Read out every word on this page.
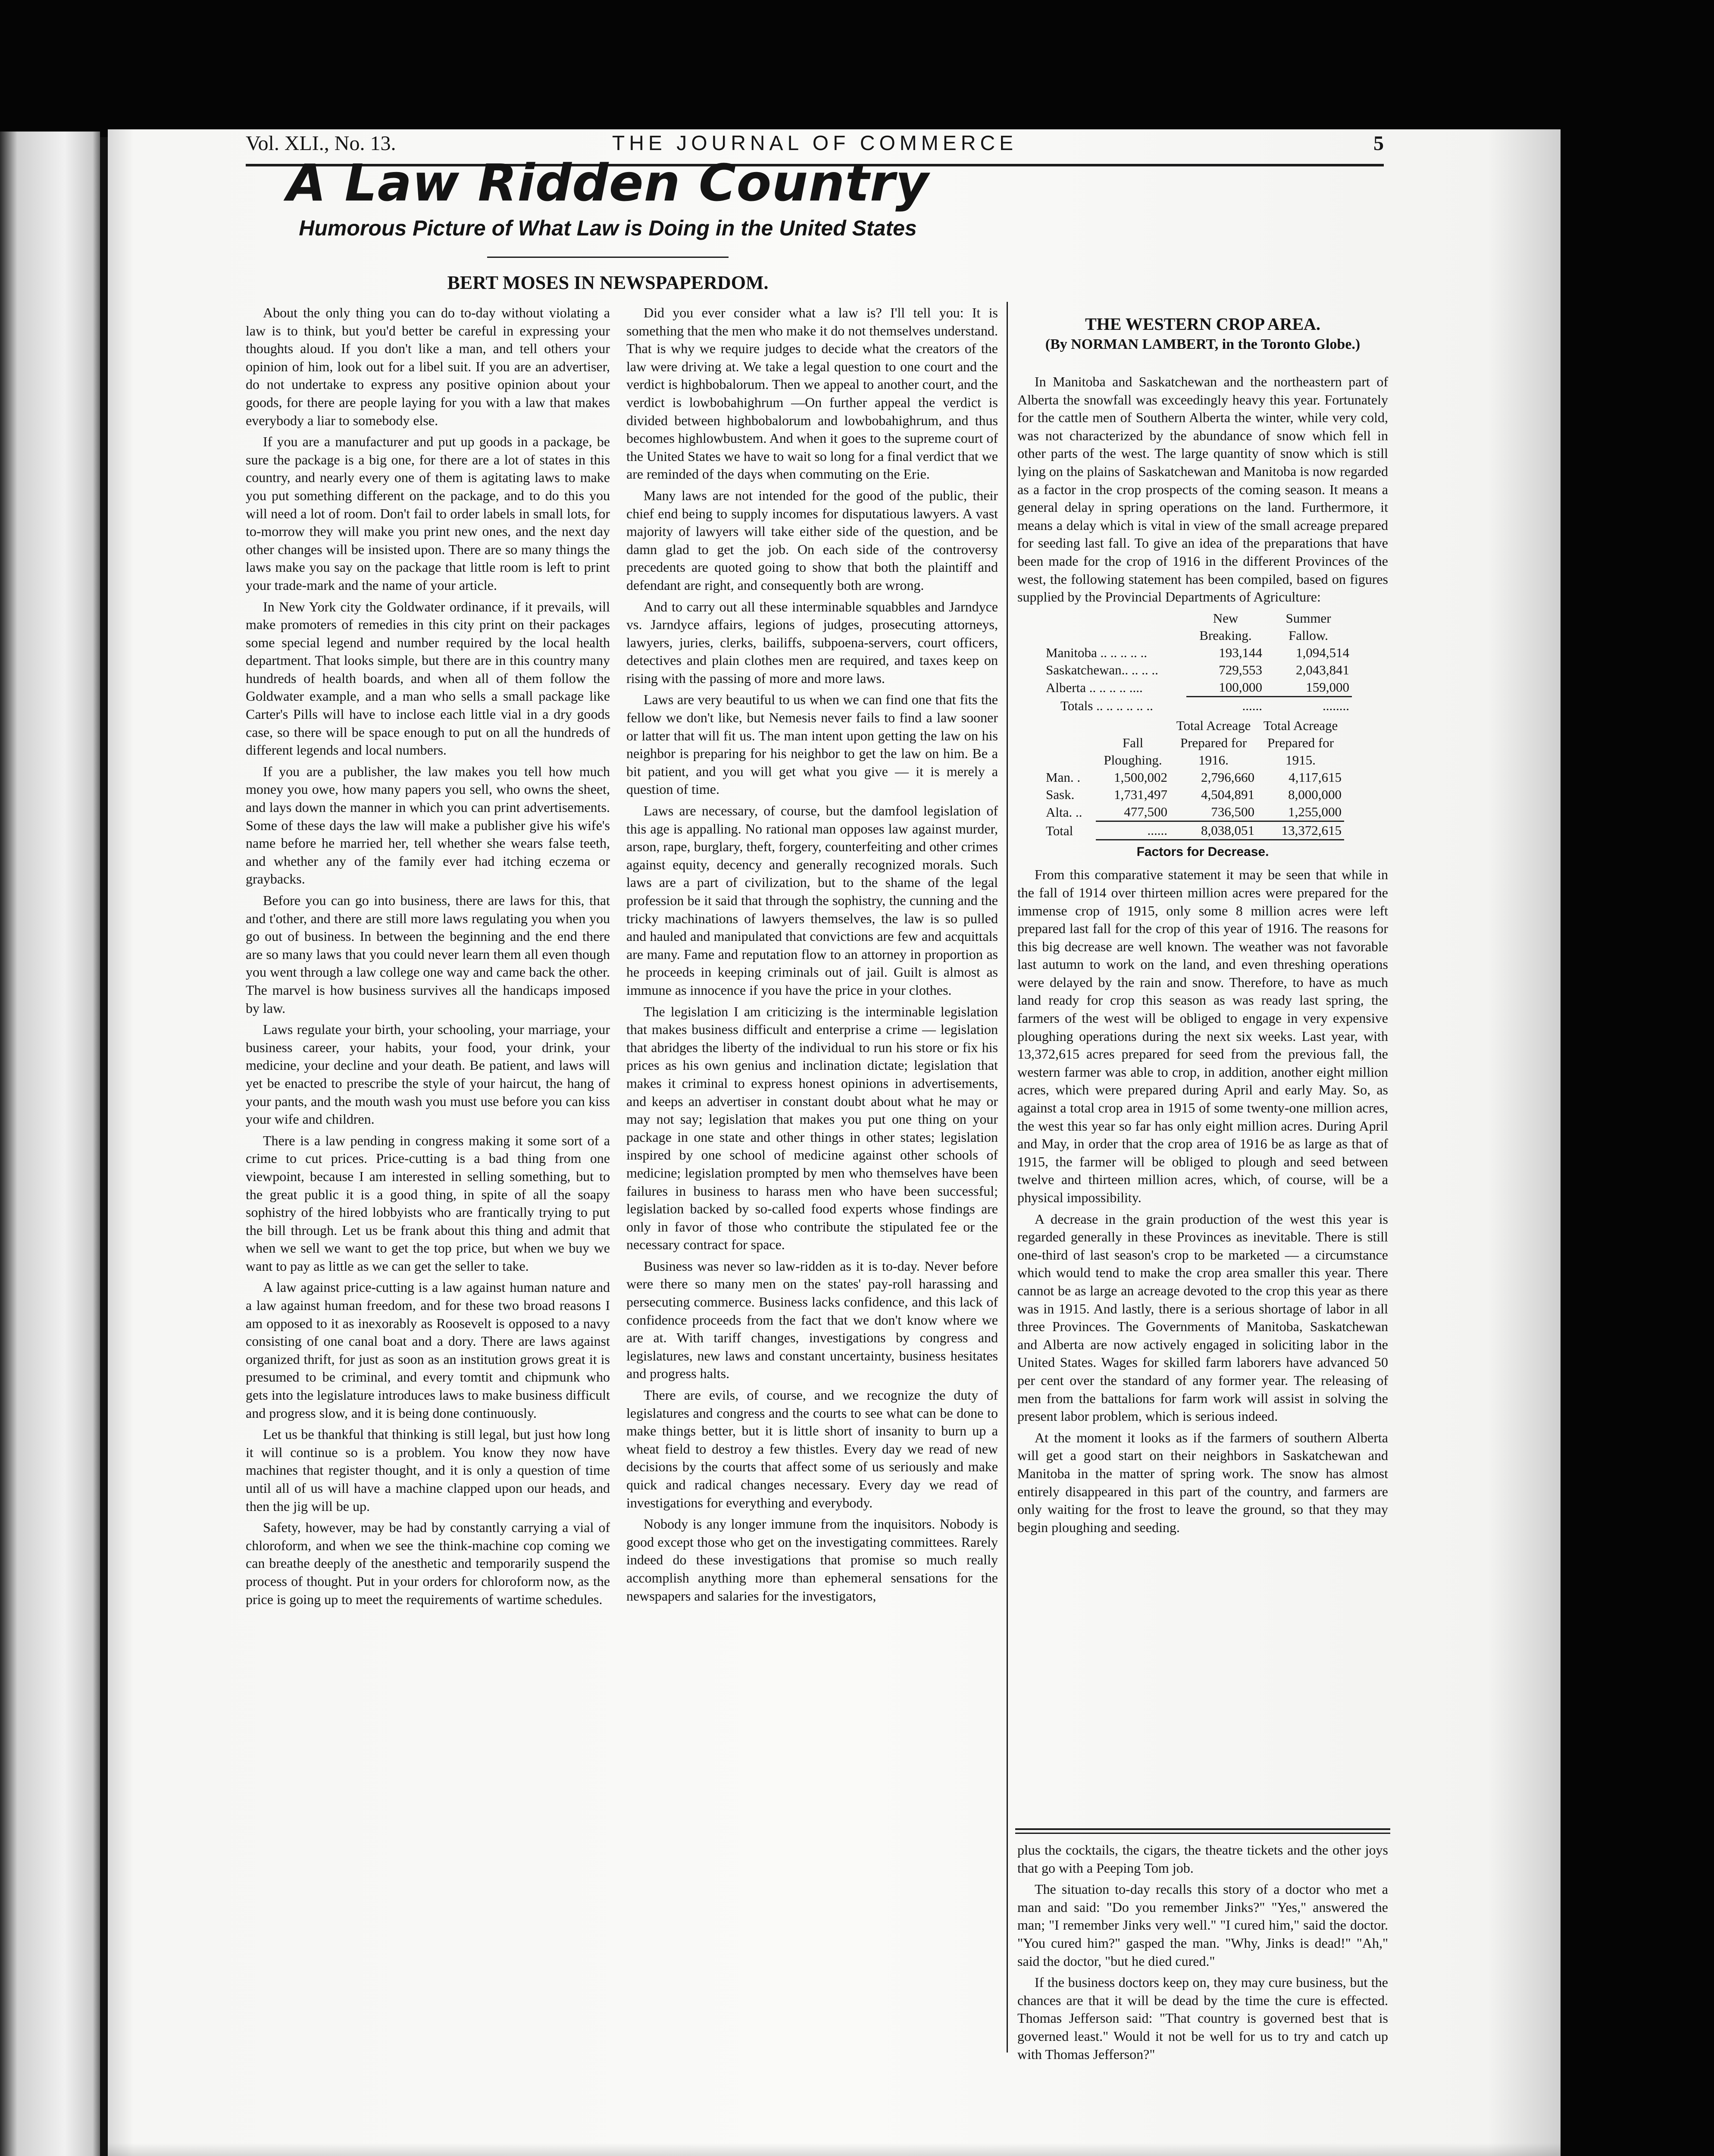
Vol. XLI., No. 13.	THE JOURNAL OF COMMERCE	5
A Law Ridden Country
Humorous Picture of What Law is Doing in the United States
BERT MOSES IN NEWSPAPERDOM.

About the only thing you can do to-day without violating a law is to think, but you'd better be careful in expressing your thoughts aloud. If you don't like a man, and tell others your opinion of him, look out for a libel suit. If you are an advertiser, do not undertake to express any positive opinion about your goods, for there are people laying for you with a law that makes everybody a liar to somebody else.

If you are a manufacturer and put up goods in a package, be sure the package is a big one, for there are a lot of states in this country, and nearly every one of them is agitating laws to make you put something different on the package, and to do this you will need a lot of room. Don't fail to order labels in small lots, for to-morrow they will make you print new ones, and the next day other changes will be insisted upon. There are so many things the laws make you say on the package that little room is left to print your trade-mark and the name of your article.

In New York city the Goldwater ordinance, if it prevails, will make promoters of remedies in this city print on their packages some special legend and number required by the local health department. That looks simple, but there are in this country many hundreds of health boards, and when all of them follow the Goldwater example, and a man who sells a small package like Carter's Pills will have to inclose each little vial in a dry goods case, so there will be space enough to put on all the hundreds of different legends and local numbers.

If you are a publisher, the law makes you tell how much money you owe, how many papers you sell, who owns the sheet, and lays down the manner in which you can print advertisements. Some of these days the law will make a publisher give his wife's name before he married her, tell whether she wears false teeth, and whether any of the family ever had itching eczema or graybacks.

Before you can go into business, there are laws for this, that and t'other, and there are still more laws regulating you when you go out of business. In between the beginning and the end there are so many laws that you could never learn them all even though you went through a law college one way and came back the other. The marvel is how business survives all the handicaps imposed by law.

Laws regulate your birth, your schooling, your marriage, your business career, your habits, your food, your drink, your medicine, your decline and your death. Be patient, and laws will yet be enacted to prescribe the style of your haircut, the hang of your pants, and the mouth wash you must use before you can kiss your wife and children.

There is a law pending in congress making it some sort of a crime to cut prices. Price-cutting is a bad thing from one viewpoint, because I am interested in selling something, but to the great public it is a good thing, in spite of all the soapy sophistry of the hired lobbyists who are frantically trying to put the bill through. Let us be frank about this thing and admit that when we sell we want to get the top price, but when we buy we want to pay as little as we can get the seller to take.

A law against price-cutting is a law against human nature and a law against human freedom, and for these two broad reasons I am opposed to it as inexorably as Roosevelt is opposed to a navy consisting of one canal boat and a dory. There are laws against organized thrift, for just as soon as an institution grows great it is presumed to be criminal, and every tomtit and chipmunk who gets into the legislature introduces laws to make business difficult and progress slow, and it is being done continuously.

Let us be thankful that thinking is still legal, but just how long it will continue so is a problem. You know they now have machines that register thought, and it is only a question of time until all of us will have a machine clapped upon our heads, and then the jig will be up.

Safety, however, may be had by constantly carrying a vial of chloroform, and when we see the think-machine cop coming we can breathe deeply of the anesthetic and temporarily suspend the process of thought. Put in your orders for chloroform now, as the price is going up to meet the requirements of wartime schedules.

Did you ever consider what a law is? I'll tell you: It is something that the men who make it do not themselves understand. That is why we require judges to decide what the creators of the law were driving at. We take a legal question to one court and the verdict is highbobalorum. Then we appeal to another court, and the verdict is lowbobahighrum —On further appeal the verdict is divided between highbobalorum and lowbobahighrum, and thus becomes highlowbustem. And when it goes to the supreme court of the United States we have to wait so long for a final verdict that we are reminded of the days when commuting on the Erie.

Many laws are not intended for the good of the public, their chief end being to supply incomes for disputatious lawyers. A vast majority of lawyers will take either side of the question, and be damn glad to get the job. On each side of the controversy precedents are quoted going to show that both the plaintiff and defendant are right, and consequently both are wrong.

And to carry out all these interminable squabbles and Jarndyce vs. Jarndyce affairs, legions of judges, prosecuting attorneys, lawyers, juries, clerks, bailiffs, subpoena-servers, court officers, detectives and plain clothes men are required, and taxes keep on rising with the passing of more and more laws.

Laws are very beautiful to us when we can find one that fits the fellow we don't like, but Nemesis never fails to find a law sooner or latter that will fit us. The man intent upon getting the law on his neighbor is preparing for his neighbor to get the law on him. Be a bit patient, and you will get what you give — it is merely a question of time.

Laws are necessary, of course, but the damfool legislation of this age is appalling. No rational man opposes law against murder, arson, rape, burglary, theft, forgery, counterfeiting and other crimes against equity, decency and generally recognized morals. Such laws are a part of civilization, but to the shame of the legal profession be it said that through the sophistry, the cunning and the tricky machinations of lawyers themselves, the law is so pulled and hauled and manipulated that convictions are few and acquittals are many. Fame and reputation flow to an attorney in proportion as he proceeds in keeping criminals out of jail. Guilt is almost as immune as innocence if you have the price in your clothes.

The legislation I am criticizing is the interminable legislation that makes business difficult and enterprise a crime — legislation that abridges the liberty of the individual to run his store or fix his prices as his own genius and inclination dictate; legislation that makes it criminal to express honest opinions in advertisements, and keeps an advertiser in constant doubt about what he may or may not say; legislation that makes you put one thing on your package in one state and other things in other states; legislation inspired by one school of medicine against other schools of medicine; legislation prompted by men who themselves have been failures in business to harass men who have been successful; legislation backed by so-called food experts whose findings are only in favor of those who contribute the stipulated fee or the necessary contract for space.

Business was never so law-ridden as it is to-day. Never before were there so many men on the states' pay-roll harassing and persecuting commerce. Business lacks confidence, and this lack of confidence proceeds from the fact that we don't know where we are at. With tariff changes, investigations by congress and legislatures, new laws and constant uncertainty, business hesitates and progress halts.

There are evils, of course, and we recognize the duty of legislatures and congress and the courts to see what can be done to make things better, but it is little short of insanity to burn up a wheat field to destroy a few thistles. Every day we read of new decisions by the courts that affect some of us seriously and make quick and radical changes necessary. Every day we read of investigations for everything and everybody.

Nobody is any longer immune from the inquisitors. Nobody is good except those who get on the investigating committees. Rarely indeed do these investigations that promise so much really accomplish anything more than ephemeral sensations for the newspapers and salaries for the investigators,

THE WESTERN CROP AREA.
(By NORMAN LAMBERT, in the Toronto Globe.)

In Manitoba and Saskatchewan and the northeastern part of Alberta the snowfall was exceedingly heavy this year. Fortunately for the cattle men of Southern Alberta the winter, while very cold, was not characterized by the abundance of snow which fell in other parts of the west. The large quantity of snow which is still lying on the plains of Saskatchewan and Manitoba is now regarded as a factor in the crop prospects of the coming season. It means a general delay in spring operations on the land. Furthermore, it means a delay which is vital in view of the small acreage prepared for seeding last fall. To give an idea of the preparations that have been made for the crop of 1916 in the different Provinces of the west, the following statement has been compiled, based on figures supplied by the Provincial Departments of Agriculture:

	New Breaking.	Summer Fallow.
Manitoba .. .. .. .. ..	193,144	1,094,514
Saskatchewan.. .. .. ..	729,553	2,043,841
Alberta .. .. .. .. ....	100,000	159,000
Totals .. .. .. .. .. ..	......	........
	Fall Ploughing.	Total Acreage Prepared for 1916.	Total Acreage Prepared for 1915.
Man. .	1,500,002	2,796,660	4,117,615
Sask.	1,731,497	4,504,891	8,000,000
Alta. ..	477,500	736,500	1,255,000
Total	......	8,038,051	13,372,615
Factors for Decrease.

From this comparative statement it may be seen that while in the fall of 1914 over thirteen million acres were prepared for the immense crop of 1915, only some 8 million acres were left prepared last fall for the crop of this year of 1916. The reasons for this big decrease are well known. The weather was not favorable last autumn to work on the land, and even threshing operations were delayed by the rain and snow. Therefore, to have as much land ready for crop this season as was ready last spring, the farmers of the west will be obliged to engage in very expensive ploughing operations during the next six weeks. Last year, with 13,372,615 acres prepared for seed from the previous fall, the western farmer was able to crop, in addition, another eight million acres, which were prepared during April and early May. So, as against a total crop area in 1915 of some twenty-one million acres, the west this year so far has only eight million acres. During April and May, in order that the crop area of 1916 be as large as that of 1915, the farmer will be obliged to plough and seed between twelve and thirteen million acres, which, of course, will be a physical impossibility.

A decrease in the grain production of the west this year is regarded generally in these Provinces as inevitable. There is still one-third of last season's crop to be marketed — a circumstance which would tend to make the crop area smaller this year. There cannot be as large an acreage devoted to the crop this year as there was in 1915. And lastly, there is a serious shortage of labor in all three Provinces. The Governments of Manitoba, Saskatchewan and Alberta are now actively engaged in soliciting labor in the United States. Wages for skilled farm laborers have advanced 50 per cent over the standard of any former year. The releasing of men from the battalions for farm work will assist in solving the present labor problem, which is serious indeed.

At the moment it looks as if the farmers of southern Alberta will get a good start on their neighbors in Saskatchewan and Manitoba in the matter of spring work. The snow has almost entirely disappeared in this part of the country, and farmers are only waiting for the frost to leave the ground, so that they may begin ploughing and seeding.

plus the cocktails, the cigars, the theatre tickets and the other joys that go with a Peeping Tom job.

The situation to-day recalls this story of a doctor who met a man and said: "Do you remember Jinks?" "Yes," answered the man; "I remember Jinks very well." "I cured him," said the doctor. "You cured him?" gasped the man. "Why, Jinks is dead!" "Ah," said the doctor, "but he died cured."

If the business doctors keep on, they may cure business, but the chances are that it will be dead by the time the cure is effected. Thomas Jefferson said: "That country is governed best that is governed least." Would it not be well for us to try and catch up with Thomas Jefferson?"
